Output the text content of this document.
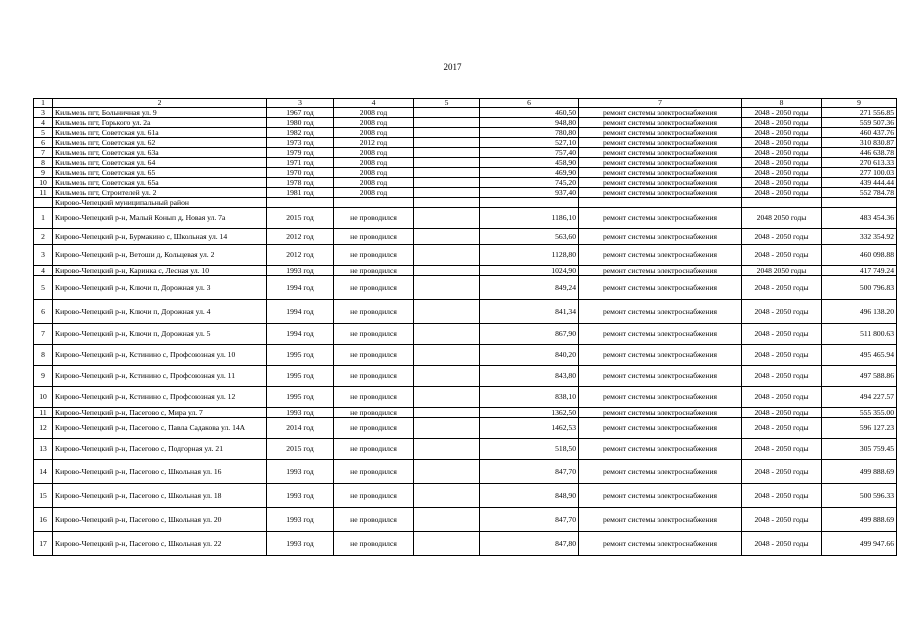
2017
1	2	3	4	5	6	7	8	9
3	Кильмезь пгт, Больничная ул. 9	1967 год	2008 год		460,50	ремонт системы электроснабжения	2048 - 2050 годы	271 556.85
4	Кильмезь пгт, Горького ул. 2а	1980 год	2008 год		948,80	ремонт системы электроснабжения	2048 - 2050 годы	559 507.36
5	Кильмезь пгт, Советская ул. 61а	1982 год	2008 год		780,80	ремонт системы электроснабжения	2048 - 2050 годы	460 437.76
6	Кильмезь пгт, Советская ул. 62	1973 год	2012 год		527,10	ремонт системы электроснабжения	2048 - 2050 годы	310 830.87
7	Кильмезь пгт, Советская ул. 63а	1979 год	2008 год		757,40	ремонт системы электроснабжения	2048 - 2050 годы	446 638.78
8	Кильмезь пгт, Советская ул. 64	1971 год	2008 год		458,90	ремонт системы электроснабжения	2048 - 2050 годы	270 613.33
9	Кильмезь пгт, Советская ул. 65	1970 год	2008 год		469,90	ремонт системы электроснабжения	2048 - 2050 годы	277 100.03
10	Кильмезь пгт, Советская ул. 65а	1978 год	2008 год		745,20	ремонт системы электроснабжения	2048 - 2050 годы	439 444.44
11	Кильмезь пгт, Строителей ул. 2	1981 год	2008 год		937,40	ремонт системы электроснабжения	2048 - 2050 годы	552 784.78
	Кирово-Чепецкий муниципальный район							
1	Кирово-Чепецкий р-н, Малый Конып д, Новая ул. 7а	2015 год	не проводился		1186,10	ремонт системы электроснабжения	2048 2050 годы	483 454.36
2	Кирово-Чепецкий р-н, Бурмакино с, Школьная ул. 14	2012 год	не проводился		563,60	ремонт системы электроснабжения	2048 - 2050 годы	332 354.92
3	Кирово-Чепецкий р-н, Ветоши д, Кольцевая ул. 2	2012 год	не проводился		1128,80	ремонт системы электроснабжения	2048 - 2050 годы	460 098.88
4	Кирово-Чепецкий р-н, Каринка с, Лесная ул. 10	1993 год	не проводился		1024,90	ремонт системы электроснабжения	2048 2050 годы	417 749.24
5	Кирово-Чепецкий р-н, Ключи п, Дорожная ул. 3	1994 год	не проводился		849,24	ремонт системы электроснабжения	2048 - 2050 годы	500 796.83
6	Кирово-Чепецкий р-н, Ключи п, Дорожная ул. 4	1994 год	не проводился		841,34	ремонт системы электроснабжения	2048 - 2050 годы	496 138.20
7	Кирово-Чепецкий р-н, Ключи п, Дорожная ул. 5	1994 год	не проводился		867,90	ремонт системы электроснабжения	2048 - 2050 годы	511 800.63
8	Кирово-Чепецкий р-н, Кстинино с, Профсоюзная ул. 10	1995 год	не проводился		840,20	ремонт системы электроснабжения	2048 - 2050 годы	495 465.94
9	Кирово-Чепецкий р-н, Кстинино с, Профсоюзная ул. 11	1995 год	не проводился		843,80	ремонт системы электроснабжения	2048 - 2050 годы	497 588.86
10	Кирово-Чепецкий р-н, Кстинино с, Профсоюзная ул. 12	1995 год	не проводился		838,10	ремонт системы электроснабжения	2048 - 2050 годы	494 227.57
11	Кирово-Чепецкий р-н, Пасегово с, Мира ул. 7	1993 год	не проводился		1362,50	ремонт системы электроснабжения	2048 - 2050 годы	555 355.00
12	Кирово-Чепецкий р-н, Пасегово с, Павла Садакова ул. 14А	2014 год	не проводился		1462,53	ремонт системы электроснабжения	2048 - 2050 годы	596 127.23
13	Кирово-Чепецкий р-н, Пасегово с, Подгорная ул. 21	2015 год	не проводился		518,50	ремонт системы электроснабжения	2048 - 2050 годы	305 759.45
14	Кирово-Чепецкий р-н, Пасегово с, Школьная ул. 16	1993 год	не проводился		847,70	ремонт системы электроснабжения	2048 - 2050 годы	499 888.69
15	Кирово-Чепецкий р-н, Пасегово с, Школьная ул. 18	1993 год	не проводился		848,90	ремонт системы электроснабжения	2048 - 2050 годы	500 596.33
16	Кирово-Чепецкий р-н, Пасегово с, Школьная ул. 20	1993 год	не проводился		847,70	ремонт системы электроснабжения	2048 - 2050 годы	499 888.69
17	Кирово-Чепецкий р-н, Пасегово с, Школьная ул. 22	1993 год	не проводился		847,80	ремонт системы электроснабжения	2048 - 2050 годы	499 947.66
